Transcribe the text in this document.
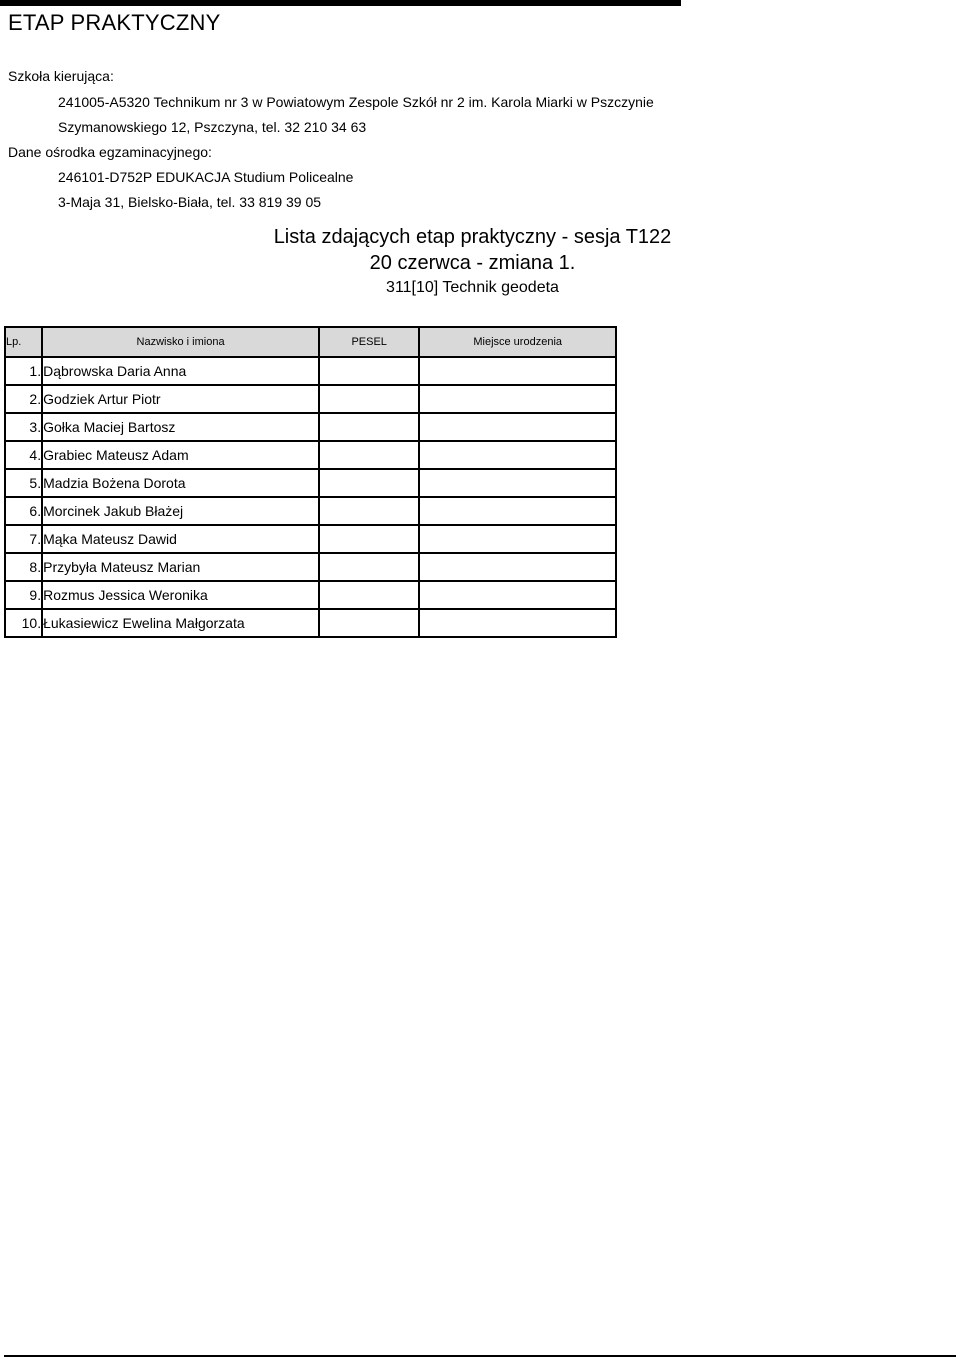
ETAP PRAKTYCZNY
Szkoła kierująca:
241005-A5320 Technikum nr 3 w Powiatowym Zespole Szkół nr 2 im. Karola Miarki w Pszczynie
Szymanowskiego 12, Pszczyna, tel. 32 210 34 63
Dane ośrodka egzaminacyjnego:
246101-D752P EDUKACJA Studium Policealne
3-Maja 31, Bielsko-Biała, tel. 33 819 39 05
Lista zdających etap praktyczny - sesja T122
20 czerwca - zmiana 1.
311[10] Technik geodeta
Lp.	Nazwisko i imiona	PESEL	Miejsce urodzenia
1.	Dąbrowska Daria Anna		
2.	Godziek Artur Piotr		
3.	Gołka Maciej Bartosz		
4.	Grabiec Mateusz Adam		
5.	Madzia Bożena Dorota		
6.	Morcinek Jakub Błażej		
7.	Mąka Mateusz Dawid		
8.	Przybyła Mateusz Marian		
9.	Rozmus Jessica Weronika		
10.	Łukasiewicz Ewelina Małgorzata		
